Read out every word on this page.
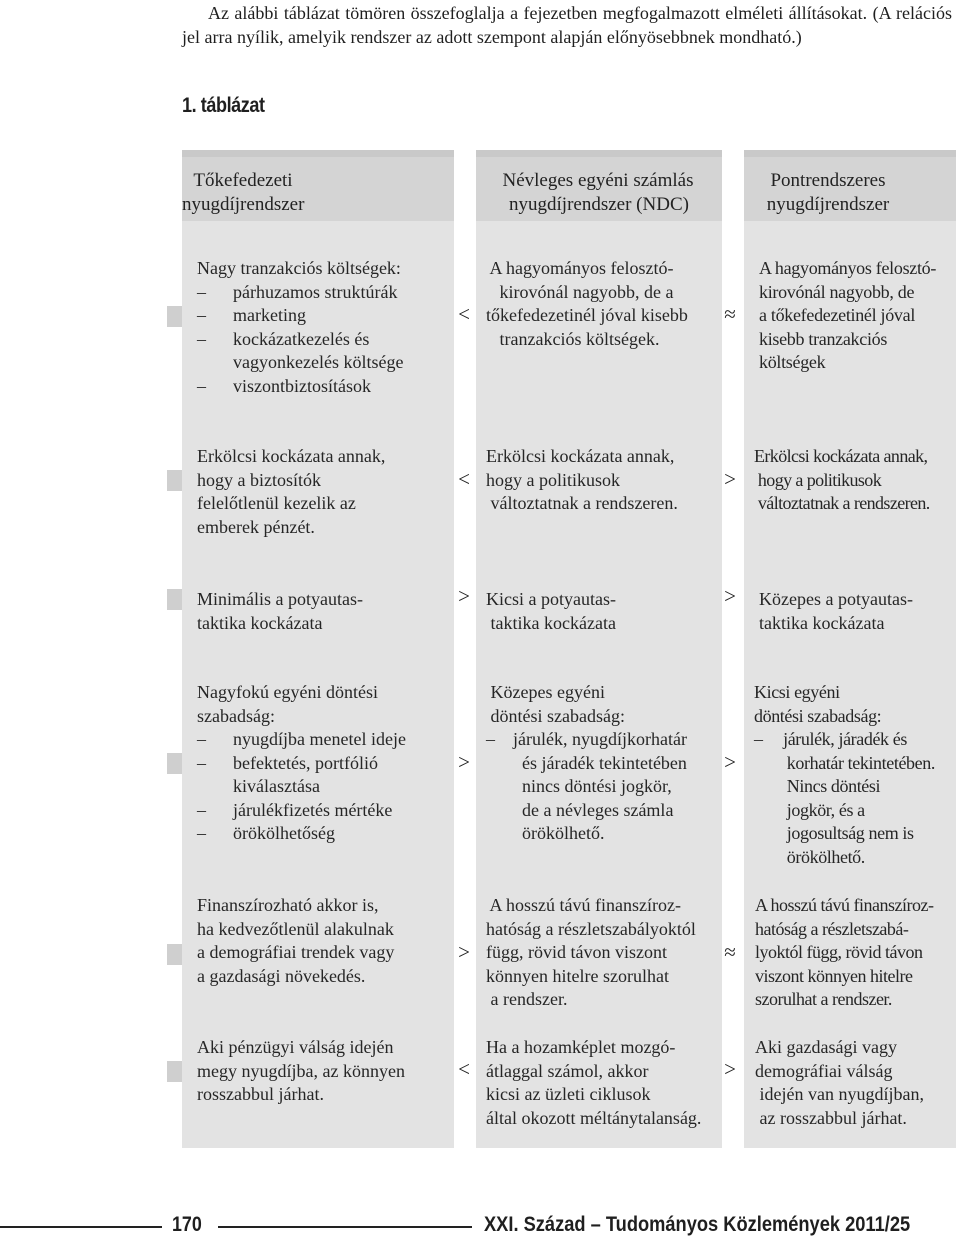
Az alábbi táblázat tömören összefoglalja a fejezetben megfogalmazott elméleti állításokat. (A relációs jel arra nyílik, amelyik rendszer az adott szempont alapján előnyösebbnek mondható.)
1. táblázat
Tőkefedezeti
nyugdíjrendszer
Névleges egyéni számlás
nyugdíjrendszer (NDC)
Pontrendszeres
nyugdíjrendszer
Nagy tranzakciós költségek:
–      párhuzamos struktúrák
–      marketing
–      kockázatkezelés és
vagyonkezelés költsége
–      viszontbiztosítások
<
A hagyományos felosztó-
kirovónál nagyobb, de a
tőkefedezetinél jóval kisebb
tranzakciós költségek.
≈
A hagyományos felosztó-
kirovónál nagyobb, de
a tőkefedezetinél jóval
kisebb tranzakciós
költségek
Erkölcsi kockázata annak,
hogy a biztosítók
felelőtlenül kezelik az
emberek pénzét.
<
Erkölcsi kockázata annak,
hogy a politikusok
változtatnak a rendszeren.
>
Erkölcsi kockázata annak,
hogy a politikusok
változtatnak a rendszeren.
Minimális a potyautas-
taktika kockázata
> Kicsi a potyautas-
taktika kockázata
> Közepes a potyautas-
taktika kockázata
Nagyfokú egyéni döntési
szabadság:
–      nyugdíjba menetel ideje
–      befektetés, portfólió
kiválasztása
–      járulékfizetés mértéke
–      örökölhetőség
>
Közepes egyéni
döntési szabadság:
–    járulék, nyugdíjkorhatár
és járadék tekintetében
nincs döntési jogkör,
de a névleges számla
örökölhető.
>
Kicsi egyéni
döntési szabadság:
–     járulék, járadék és
korhatár tekintetében.
Nincs döntési
jogkör, és a
jogosultság nem is
örökölhető.
Finanszírozható akkor is,
ha kedvezőtlenül alakulnak
a demográfiai trendek vagy
a gazdasági növekedés.
>
A hosszú távú finanszíroz-
hatóság a részletszabályoktól
függ, rövid távon viszont
könnyen hitelre szorulhat
a rendszer.
≈
A hosszú távú finanszíroz-
hatóság a részletszabá-
lyoktól függ, rövid távon
viszont könnyen hitelre
szorulhat a rendszer.
Aki pénzügyi válság idején
megy nyugdíjba, az könnyen
rosszabbul járhat.
<
Ha a hozamképlet mozgó-
átlaggal számol, akkor
kicsi az üzleti ciklusok
által okozott méltánytalanság.
>
Aki gazdasági vagy
demográfiai válság
idején van nyugdíjban,
az rosszabbul járhat.
170	XXI. Század – Tudományos Közlemények 2011/25
